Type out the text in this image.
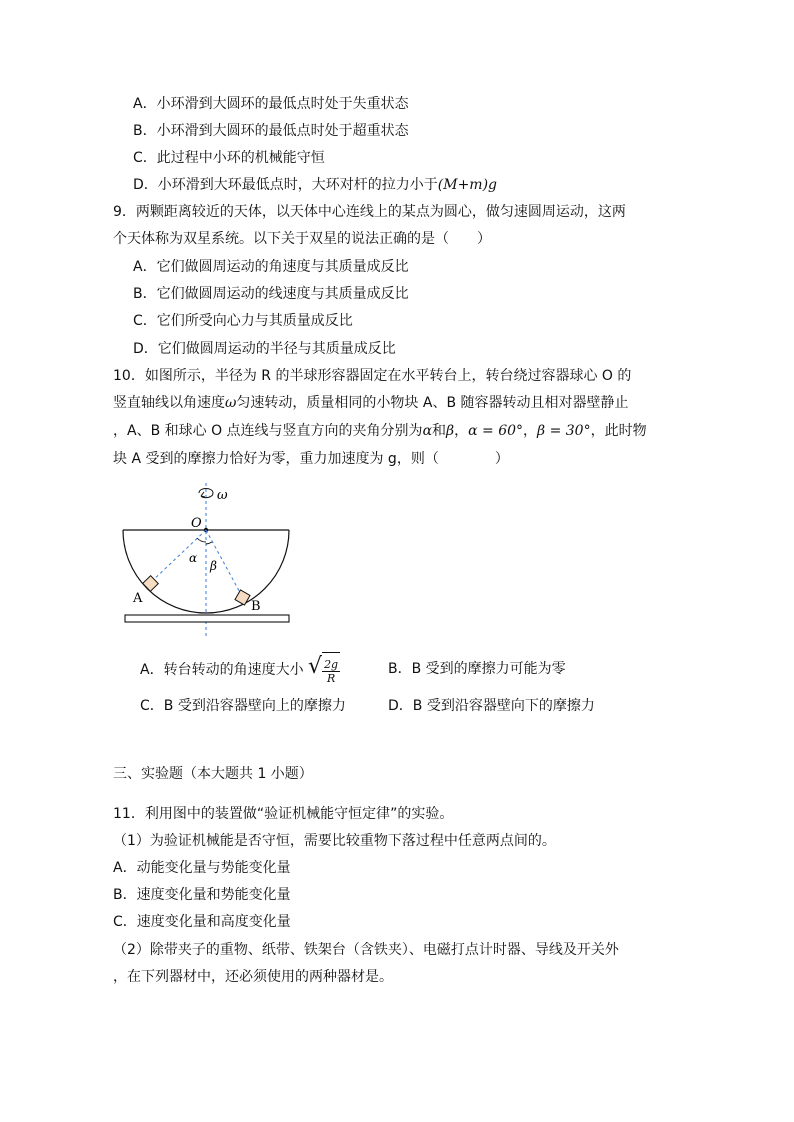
A．小环滑到大圆环的最低点时处于失重状态
B．小环滑到大圆环的最低点时处于超重状态
C．此过程中小环的机械能守恒
D．小环滑到大环最低点时，大环对杆的拉力小于(M+m)g
9．两颗距离较近的天体，以天体中心连线上的某点为圆心，做匀速圆周运动，这两
个天体称为双星系统。以下关于双星的说法正确的是（　　）
A．它们做圆周运动的角速度与其质量成反比
B．它们做圆周运动的线速度与其质量成反比
C．它们所受向心力与其质量成反比
D．它们做圆周运动的半径与其质量成反比
10．如图所示，半径为 R 的半球形容器固定在水平转台上，转台绕过容器球心 O 的
竖直轴线以角速度ω匀速转动，质量相同的小物块 A、B 随容器转动且相对器壁静止
，A、B 和球心 O 点连线与竖直方向的夹角分别为α和β，α = 60°，β = 30°，此时物
块 A 受到的摩擦力恰好为零，重力加速度为 g，则（　　　　）
ω
O
α
β
A
B
A．转台转动的角速度大小 √ $\frac{2g}{R}$	B．B 受到的摩擦力可能为零
C．B 受到沿容器壁向上的摩擦力	D．B 受到沿容器壁向下的摩擦力
三、实验题（本大题共 1 小题）
11．利用图中的装置做“验证机械能守恒定律”的实验。
（1）为验证机械能是否守恒，需要比较重物下落过程中任意两点间的。
A．动能变化量与势能变化量
B．速度变化量和势能变化量
C．速度变化量和高度变化量
（2）除带夹子的重物、纸带、铁架台（含铁夹）、电磁打点计时器、导线及开关外
，在下列器材中，还必须使用的两种器材是。
